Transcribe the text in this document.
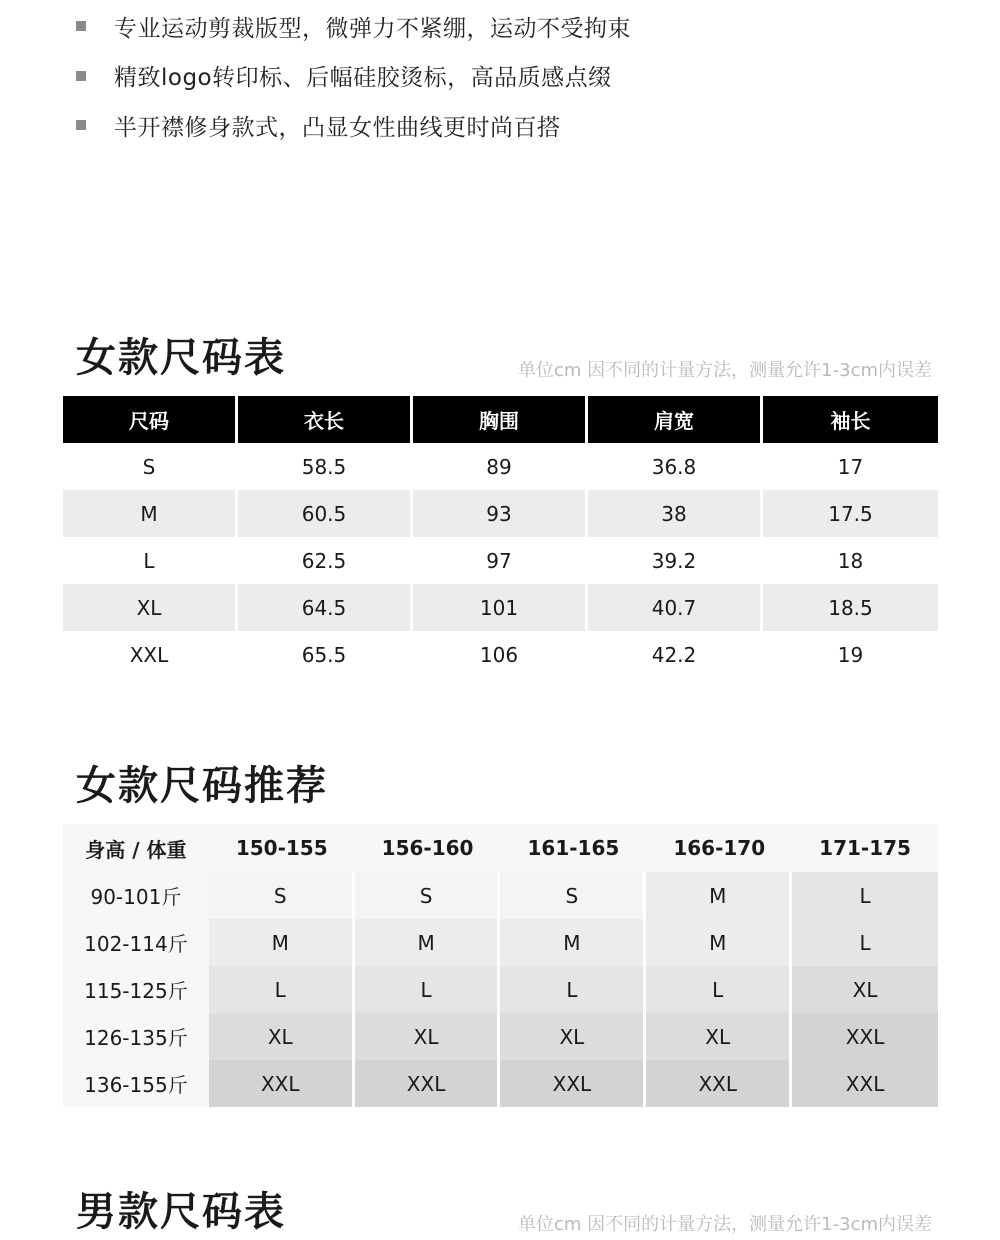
专业运动剪裁版型，微弹力不紧绷，运动不受拘束
精致logo转印标、后幅硅胶烫标，高品质感点缀
半开襟修身款式，凸显女性曲线更时尚百搭
女款尺码表	单位cm 因不同的计量方法，测量允许1-3cm内误差
尺码	衣长	胸围	肩宽	袖长
S	58.5	89	36.8	17
M	60.5	93	38	17.5
L	62.5	97	39.2	18
XL	64.5	101	40.7	18.5
XXL	65.5	106	42.2	19
女款尺码推荐
身高 / 体重	150-155	156-160	161-165	166-170	171-175
90-101斤	S	S	S	M	L
102-114斤	M	M	M	M	L
115-125斤	L	L	L	L	XL
126-135斤	XL	XL	XL	XL	XXL
136-155斤	XXL	XXL	XXL	XXL	XXL
男款尺码表	单位cm 因不同的计量方法，测量允许1-3cm内误差
